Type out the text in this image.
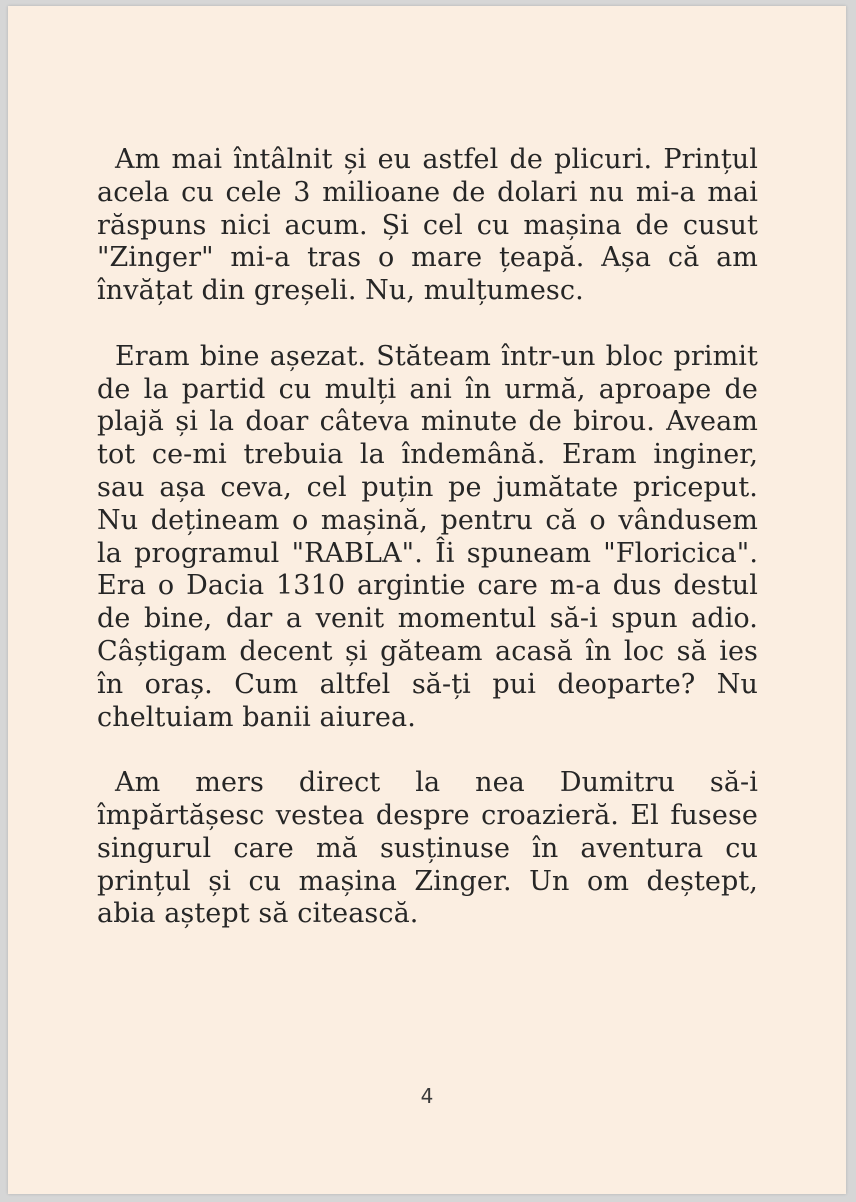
Am mai întâlnit și eu astfel de plicuri. Prințul acela cu cele 3 milioane de dolari nu mi-a mai răspuns nici acum. Și cel cu mașina de cusut "Zinger" mi-a tras o mare țeapă. Așa că am învățat din greșeli. Nu, mulțumesc.

Eram bine așezat. Stăteam într-un bloc primit de la partid cu mulți ani în urmă, aproape de plajă și la doar câteva minute de birou. Aveam tot ce-mi trebuia la îndemână. Eram inginer, sau așa ceva, cel puțin pe jumătate priceput. Nu dețineam o mașină, pentru că o vândusem la programul "RABLA". Îi spuneam "Floricica". Era o Dacia 1310 argintie care m-a dus destul de bine, dar a venit momentul să-i spun adio. Câștigam decent și găteam acasă în loc să ies în oraș. Cum altfel să-ți pui deoparte? Nu cheltuiam banii aiurea.

Am mers direct la nea Dumitru să-i împărtășesc vestea despre croazieră. El fusese singurul care mă susținuse în aventura cu prințul și cu mașina Zinger. Un om deștept, abia aștept să citească.

4
